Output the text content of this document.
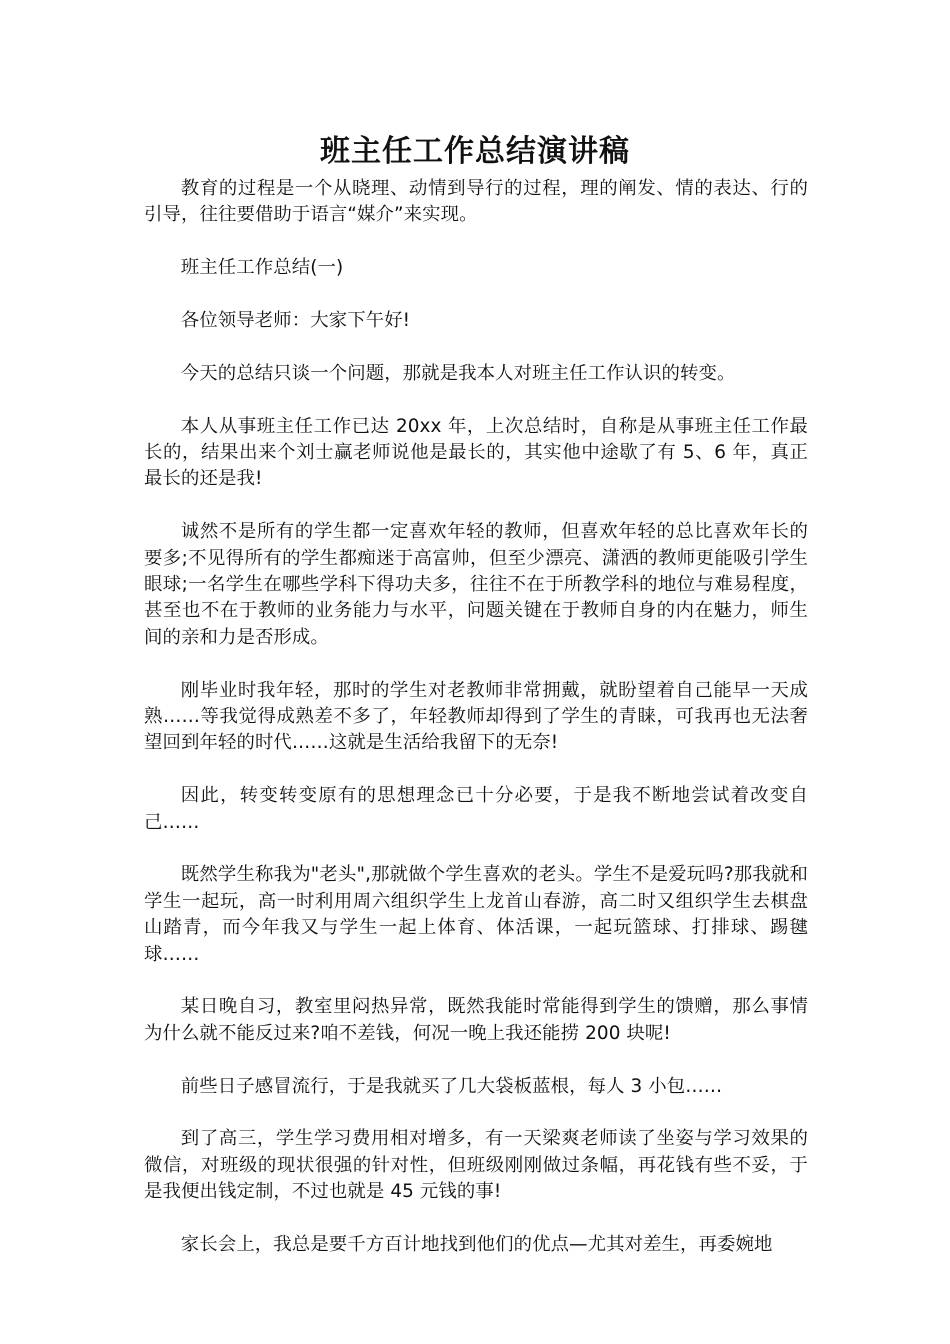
班主任工作总结演讲稿

教育的过程是一个从晓理、动情到导行的过程，理的阐发、情的表达、行的引导，往往要借助于语言“媒介”来实现。

班主任工作总结(一)

各位领导老师：大家下午好!

今天的总结只谈一个问题，那就是我本人对班主任工作认识的转变。

本人从事班主任工作已达 20xx 年，上次总结时，自称是从事班主任工作最长的，结果出来个刘士赢老师说他是最长的，其实他中途歇了有 5、6 年，真正最长的还是我!

诚然不是所有的学生都一定喜欢年轻的教师，但喜欢年轻的总比喜欢年长的要多;不见得所有的学生都痴迷于高富帅，但至少漂亮、潇洒的教师更能吸引学生眼球;一名学生在哪些学科下得功夫多，往往不在于所教学科的地位与难易程度，甚至也不在于教师的业务能力与水平，问题关键在于教师自身的内在魅力，师生间的亲和力是否形成。

刚毕业时我年轻，那时的学生对老教师非常拥戴，就盼望着自己能早一天成熟……等我觉得成熟差不多了，年轻教师却得到了学生的青睐，可我再也无法奢望回到年轻的时代……这就是生活给我留下的无奈!

因此，转变转变原有的思想理念已十分必要，于是我不断地尝试着改变自己……

既然学生称我为"老头",那就做个学生喜欢的老头。学生不是爱玩吗?那我就和学生一起玩，高一时利用周六组织学生上龙首山春游，高二时又组织学生去棋盘山踏青，而今年我又与学生一起上体育、体活课，一起玩篮球、打排球、踢毽球……

某日晚自习，教室里闷热异常，既然我能时常能得到学生的馈赠，那么事情为什么就不能反过来?咱不差钱，何况一晚上我还能捞 200 块呢!

前些日子感冒流行，于是我就买了几大袋板蓝根，每人 3 小包……

到了高三，学生学习费用相对增多，有一天梁爽老师读了坐姿与学习效果的微信，对班级的现状很强的针对性，但班级刚刚做过条幅，再花钱有些不妥，于是我便出钱定制，不过也就是 45 元钱的事!

家长会上，我总是要千方百计地找到他们的优点—尤其对差生，再委婉地
